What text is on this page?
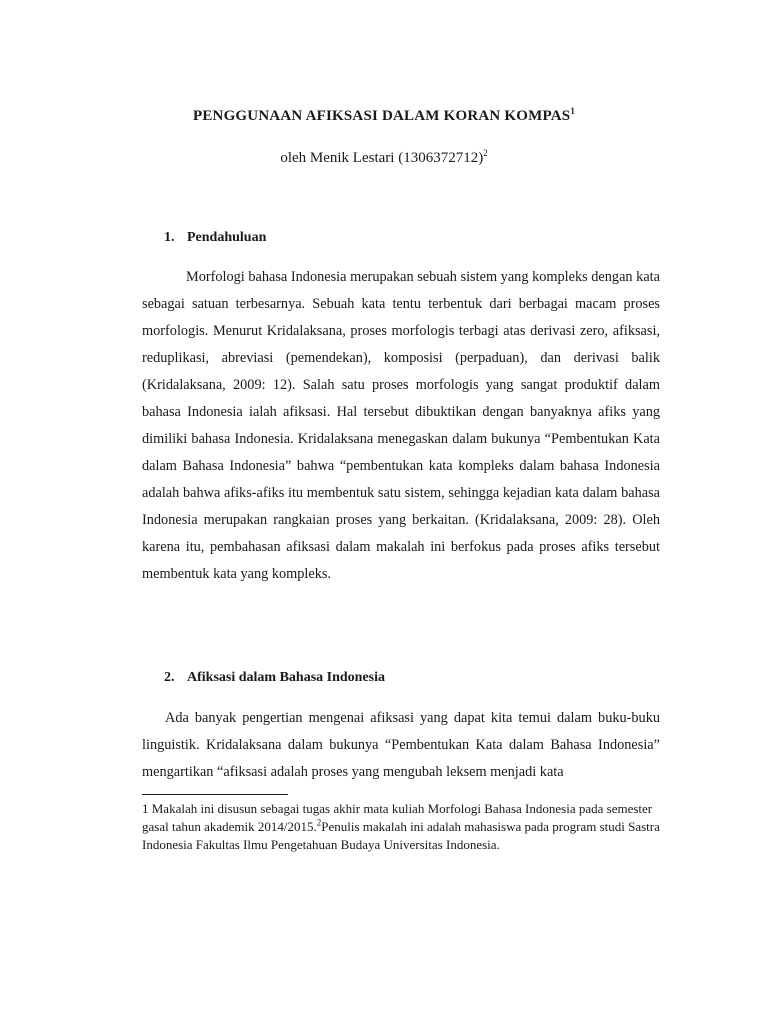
PENGGUNAAN AFIKSASI DALAM KORAN KOMPAS$^1$
oleh Menik Lestari $(1306372712)^2$
1. Pendahuluan

Morfologi bahasa Indonesia merupakan sebuah sistem yang kompleks dengan kata sebagai satuan terbesarnya. Sebuah kata tentu terbentuk dari berbagai macam proses morfologis. Menurut Kridalaksana, proses morfologis terbagi atas derivasi zero, afiksasi, reduplikasi, abreviasi (pemendekan), komposisi (perpaduan), dan derivasi balik (Kridalaksana, 2009: 12). Salah satu proses morfologis yang sangat produktif dalam bahasa Indonesia ialah afiksasi. Hal tersebut dibuktikan dengan banyaknya afiks yang dimiliki bahasa Indonesia. Kridalaksana menegaskan dalam bukunya “Pembentukan Kata dalam Bahasa Indonesia” bahwa “pembentukan kata kompleks dalam bahasa Indonesia adalah bahwa afiks-afiks itu membentuk satu sistem, sehingga kejadian kata dalam bahasa Indonesia merupakan rangkaian proses yang berkaitan. (Kridalaksana, 2009: 28). Oleh karena itu, pembahasan afiksasi dalam makalah ini berfokus pada proses afiks tersebut membentuk kata yang kompleks.

2. Afiksasi dalam Bahasa Indonesia

Ada banyak pengertian mengenai afiksasi yang dapat kita temui dalam buku-buku linguistik. Kridalaksana dalam bukunya “Pembentukan Kata dalam Bahasa Indonesia” mengartikan “afiksasi adalah proses yang mengubah leksem menjadi kata

1 Makalah ini disusun sebagai tugas akhir mata kuliah Morfologi Bahasa Indonesia pada semester gasal tahun akademik 2014/2015.$^2$Penulis makalah ini adalah mahasiswa pada program studi Sastra Indonesia Fakultas Ilmu Pengetahuan Budaya Universitas Indonesia.
